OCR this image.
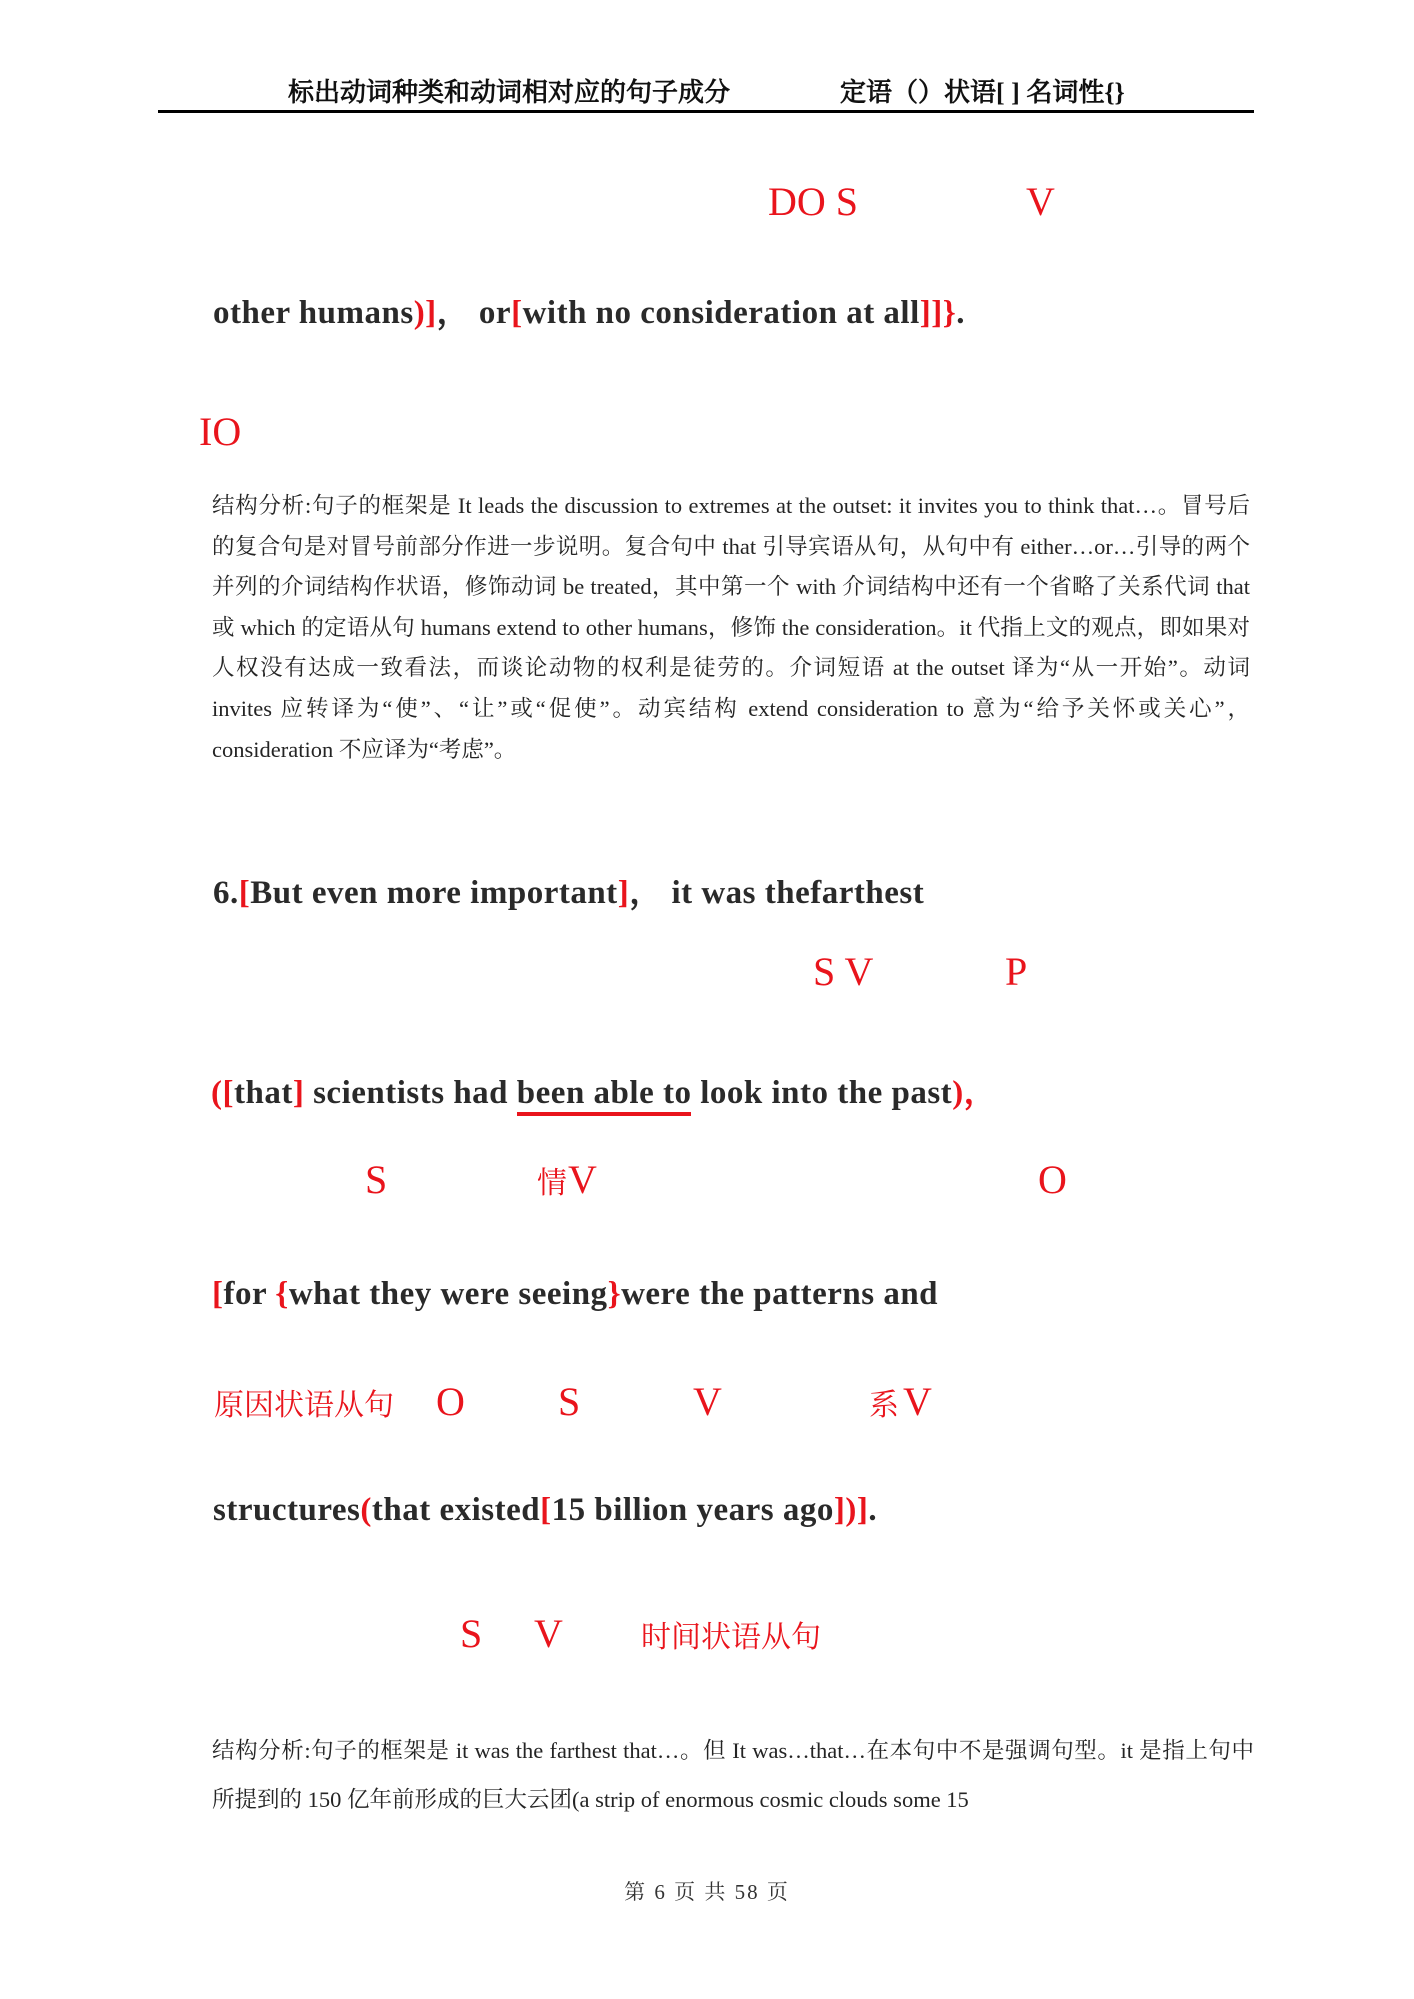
标出动词种类和动词相对应的句子成分	定语（）状语[ ] 名词性{}
DO S	V
other humans)]， or[with no consideration at all]]}.
IO
结构分析:句子的框架是 It leads the discussion to extremes at the outset: it invites you to think that…。冒号后的复合句是对冒号前部分作进一步说明。复合句中 that 引导宾语从句，从句中有 either…or…引导的两个并列的介词结构作状语，修饰动词 be treated，其中第一个 with 介词结构中还有一个省略了关系代词 that 或 which 的定语从句 humans extend to other humans，修饰 the consideration。it 代指上文的观点，即如果对人权没有达成一致看法，而谈论动物的权利是徒劳的。介词短语 at the outset 译为“从一开始”。动词 invites 应转译为“使”、“让”或“促使”。动宾结构 extend consideration to 意为“给予关怀或关心”，consideration 不应译为“考虑”。
6.[But even more important]， it was thefarthest
S V	P
([that] scientists had been able to look into the past)，
S	情 V	O
[for {what they were seeing}were the patterns and
原因状语从句 O S	V	系 V
structures(that existed[15 billion years ago])].
S V	时间状语从句
结构分析:句子的框架是 it was the farthest that…。但 It was…that…在本句中不是强调句型。it 是指上句中所提到的 150 亿年前形成的巨大云团(a strip of enormous cosmic clouds some 15
第 6 页 共 58 页
